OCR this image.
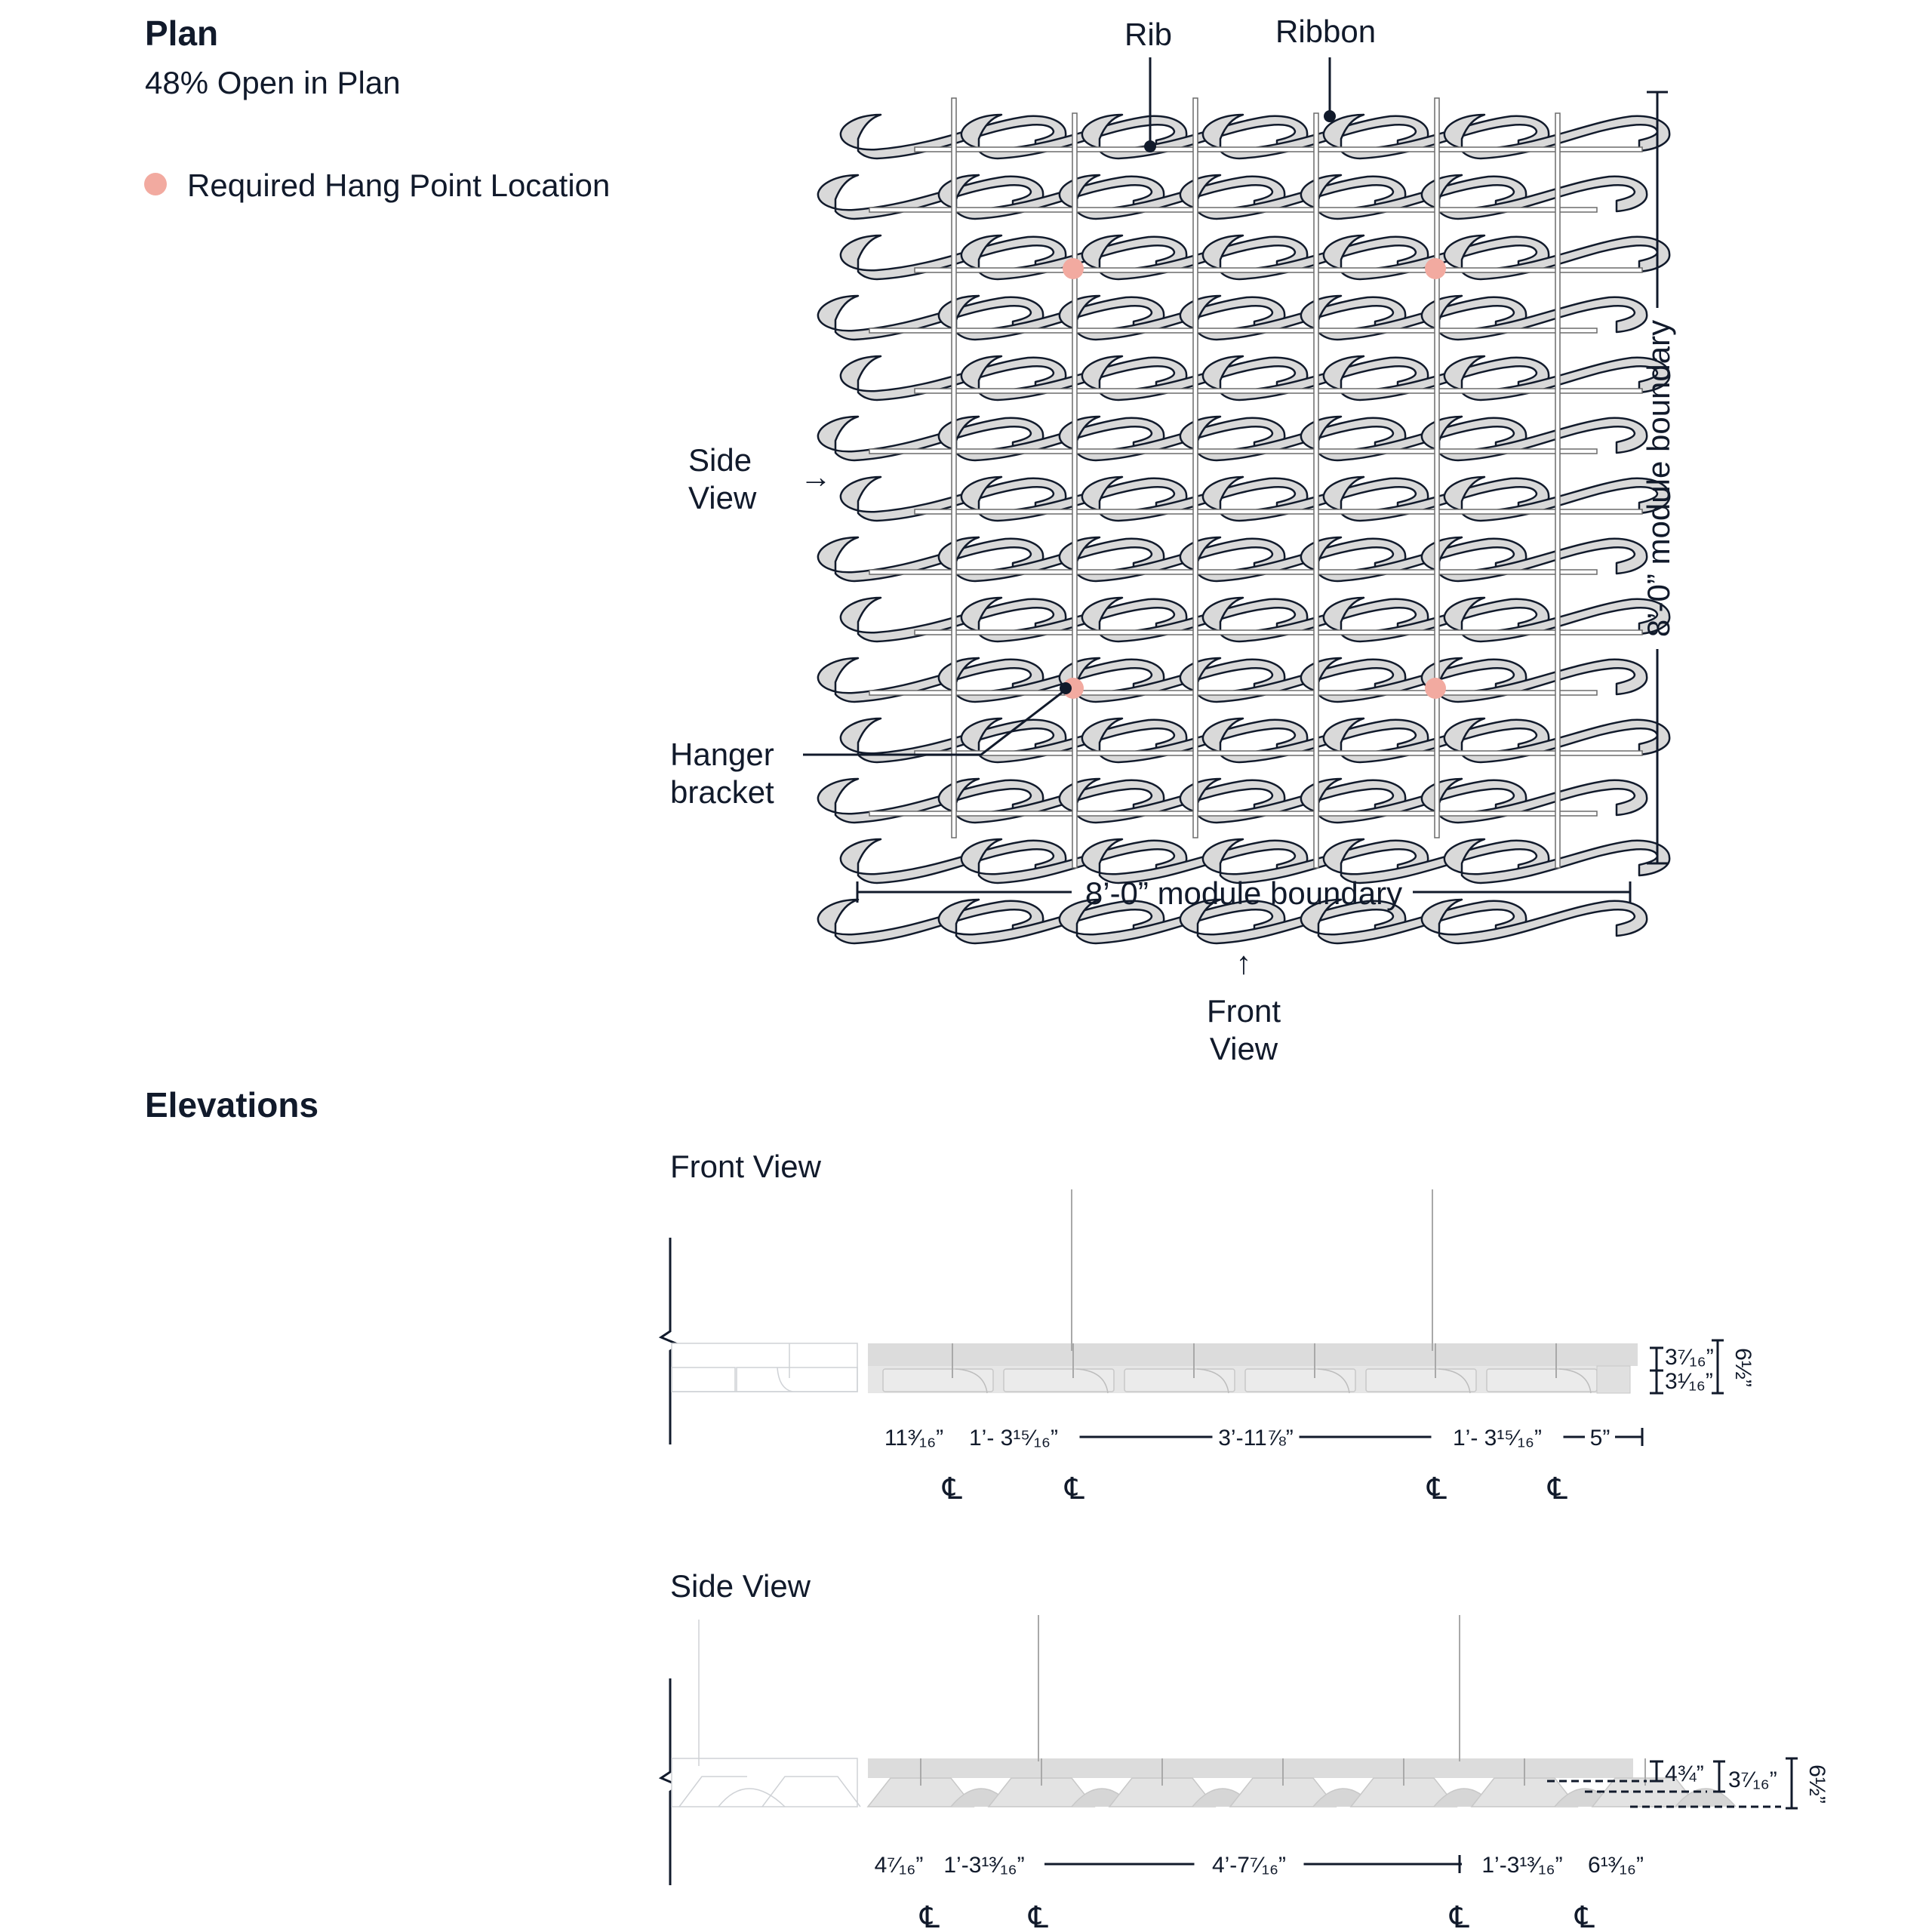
Plan
48% Open in Plan
Required Hang Point Location
Rib	Ribbon
Side
View
→
Hanger
bracket
8’-0” module boundary
8’-0” module boundary
↑
Front
View
Elevations
Front View
3⁷⁄₁₆”
3¹⁄₁₆” 6½”
11³⁄₁₆” 1’- 3¹⁵⁄₁₆”	3’-11⅞”	1’- 3¹⁵⁄₁₆” 5”
℄	℄	℄	℄
Side View
4¾” 3⁷⁄₁₆” 6½”
4⁷⁄₁₆” 1’-3¹³⁄₁₆”	4’-7⁷⁄₁₆”	1’-3¹³⁄₁₆” 6¹³⁄₁₆”
℄	℄	℄	℄
